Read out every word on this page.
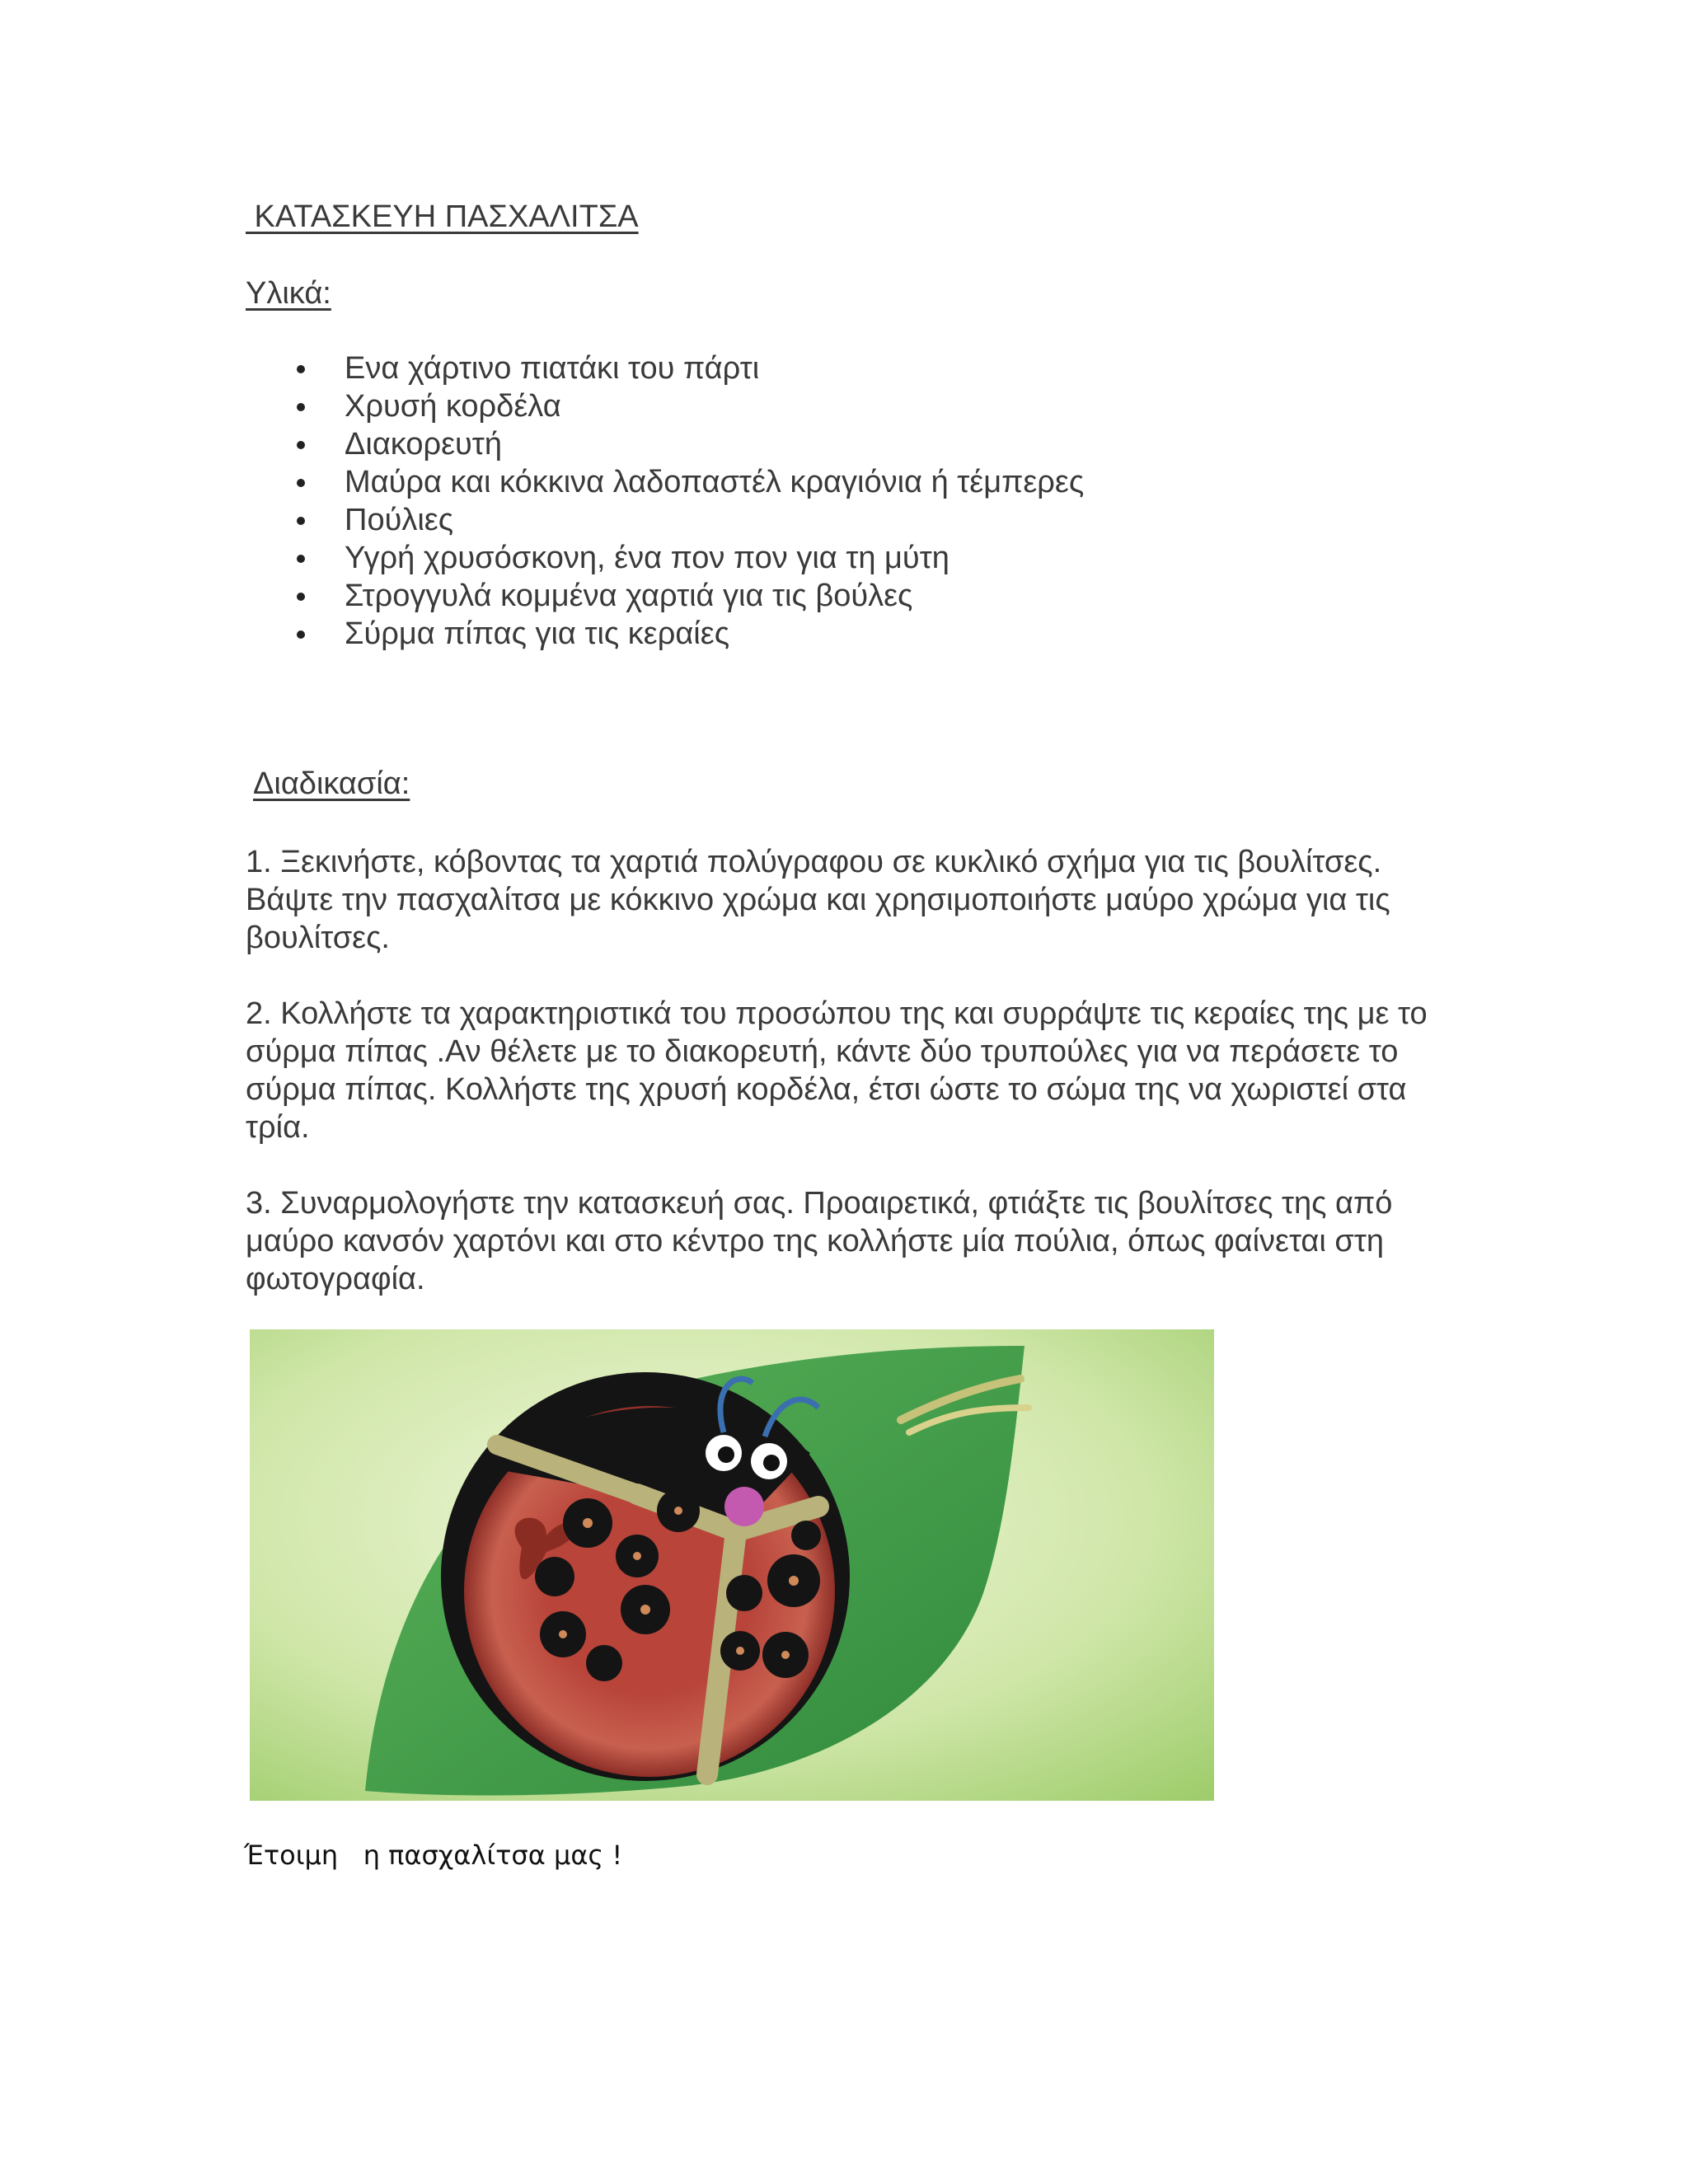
ΚΑΤΑΣΚΕΥΗ ΠΑΣΧΑΛΙΤΣΑ
Υλικά:
Ενα χάρτινο πιατάκι του πάρτι
Χρυσή κορδέλα
Διακορευτή
Μαύρα και κόκκινα λαδοπαστέλ κραγιόνια ή τέμπερες
Πούλιες
Υγρή χρυσόσκονη, ένα πον πον για τη μύτη
Στρογγυλά κομμένα χαρτιά για τις βούλες
Σύρμα πίπας για τις κεραίες
Διαδικασία:

1. Ξεκινήστε, κόβοντας τα χαρτιά πολύγραφου σε κυκλικό σχήμα για τις βουλίτσες. Βάψτε την πασχαλίτσα με κόκκινο χρώμα και χρησιμοποιήστε μαύρο χρώμα για τις βουλίτσες.

2. Κολλήστε τα χαρακτηριστικά του προσώπου της και συρράψτε τις κεραίες της με το σύρμα πίπας .Αν θέλετε με το διακορευτή, κάντε δύο τρυπούλες για να περάσετε το σύρμα πίπας. Κολλήστε της χρυσή κορδέλα, έτσι ώστε το σώμα της να χωριστεί στα τρία.

3. Συναρμολογήστε την κατασκευή σας. Προαιρετικά, φτιάξτε τις βουλίτσες της από μαύρο κανσόν χαρτόνι και στο κέντρο της κολλήστε μία πούλια, όπως φαίνεται στη φωτογραφία.

Έτοιμη   η πασχαλίτσα μας !
